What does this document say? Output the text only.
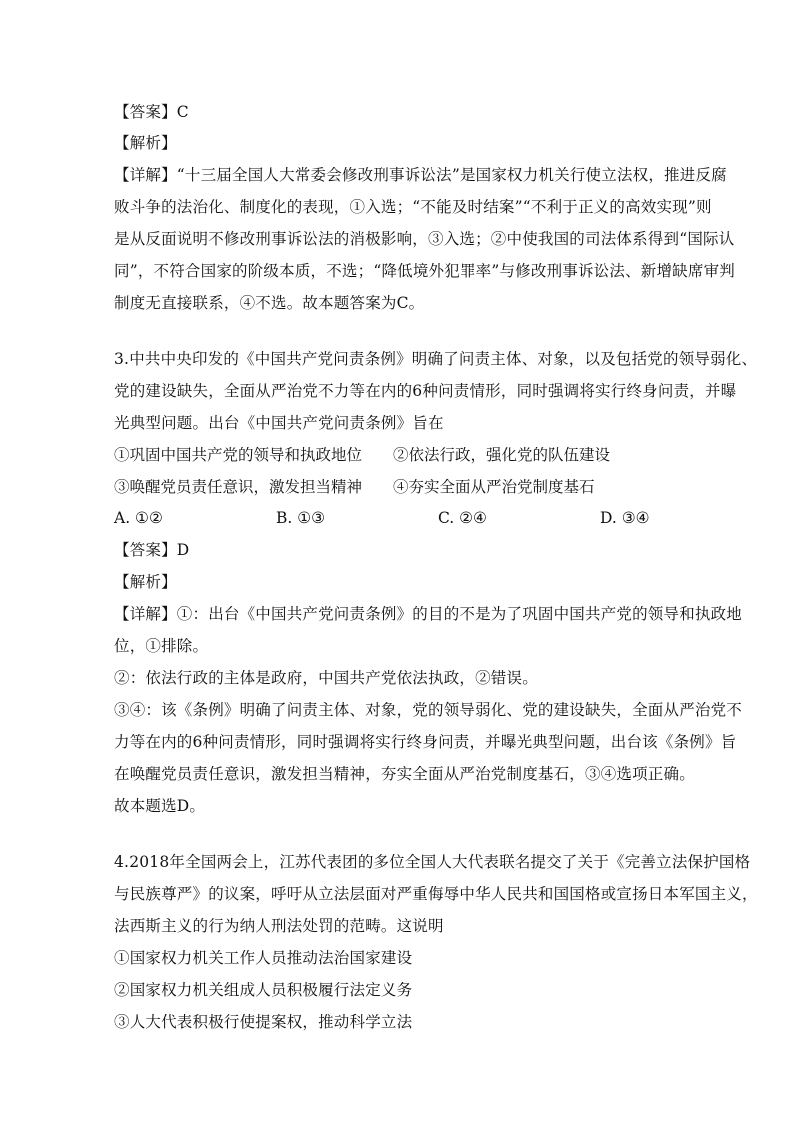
【答案】C
【解析】
【详解】“十三届全国人大常委会修改刑事诉讼法”是国家权力机关行使立法权，推进反腐
败斗争的法治化、制度化的表现，①入选；“不能及时结案”“不利于正义的高效实现”则
是从反面说明不修改刑事诉讼法的消极影响，③入选；②中使我国的司法体系得到“国际认
同”，不符合国家的阶级本质，不选；“降低境外犯罪率”与修改刑事诉讼法、新增缺席审判
制度无直接联系，④不选。故本题答案为C。
3.中共中央印发的《中国共产党问责条例》明确了问责主体、对象，以及包括党的领导弱化、
党的建设缺失，全面从严治党不力等在内的6种问责情形，同时强调将实行终身问责，并曝
光典型问题。出台《中国共产党问责条例》旨在
①巩固中国共产党的领导和执政地位 ②依法行政，强化党的队伍建设
③唤醒党员责任意识，激发担当精神 ④夯实全面从严治党制度基石
A. ①②	B. ①③	C. ②④	D. ③④
【答案】D
【解析】
【详解】①：出台《中国共产党问责条例》的目的不是为了巩固中国共产党的领导和执政地
位，①排除。
②：依法行政的主体是政府，中国共产党依法执政，②错误。
③④：该《条例》明确了问责主体、对象，党的领导弱化、党的建设缺失，全面从严治党不
力等在内的6种问责情形，同时强调将实行终身问责，并曝光典型问题，出台该《条例》旨
在唤醒党员责任意识，激发担当精神，夯实全面从严治党制度基石，③④选项正确。
故本题选D。
4.2018年全国两会上，江苏代表团的多位全国人大代表联名提交了关于《完善立法保护国格
与民族尊严》的议案，呼吁从立法层面对严重侮辱中华人民共和国国格或宣扬日本军国主义，
法西斯主义的行为纳人刑法处罚的范畴。这说明
①国家权力机关工作人员推动法治国家建设
②国家权力机关组成人员积极履行法定义务
③人大代表积极行使提案权，推动科学立法
